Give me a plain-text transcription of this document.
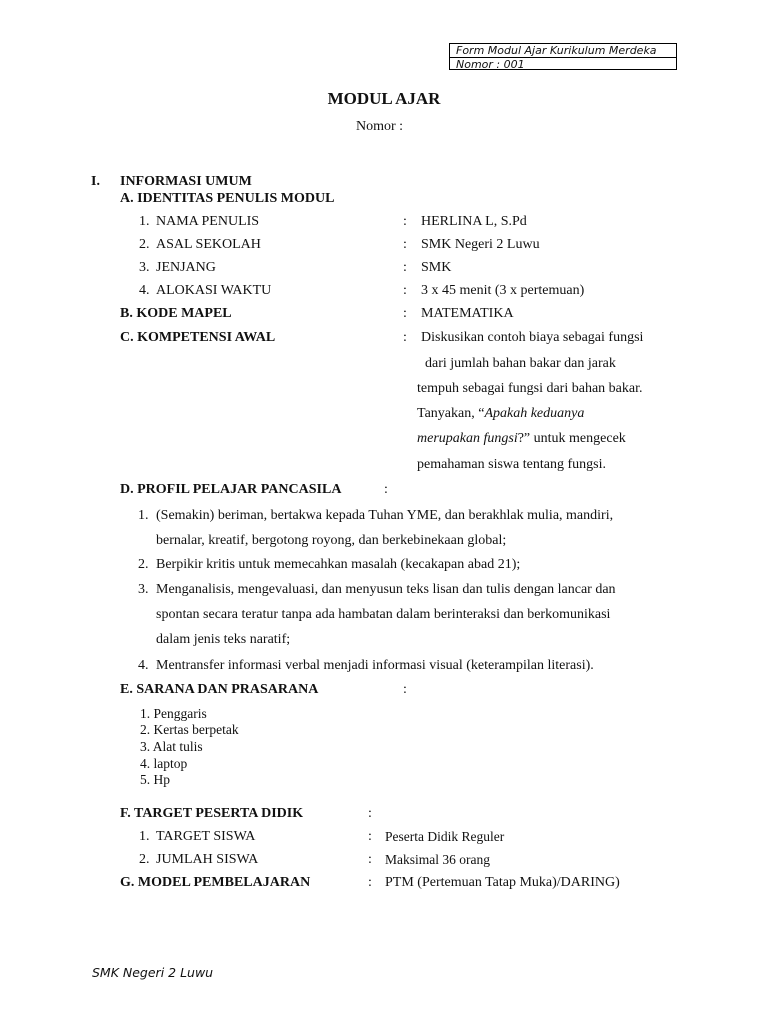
Form Modul Ajar Kurikulum Merdeka
Nomor : 001
MODUL AJAR
Nomor :
I. INFORMASI UMUM
A. IDENTITAS PENULIS MODUL
1. NAMA PENULIS	: HERLINA L, S.Pd
2. ASAL SEKOLAH	: SMK Negeri 2 Luwu
3. JENJANG	: SMK
4. ALOKASI WAKTU	: 3 x 45 menit (3 x pertemuan)
B. KODE MAPEL	: MATEMATIKA
C. KOMPETENSI AWAL	: Diskusikan contoh biaya sebagai fungsi
dari jumlah bahan bakar dan jarak
tempuh sebagai fungsi dari bahan bakar.
Tanyakan, “Apakah keduanya
merupakan fungsi?” untuk mengecek
pemahaman siswa tentang fungsi.
D. PROFIL PELAJAR PANCASILA	:
1. (Semakin) beriman, bertakwa kepada Tuhan YME, dan berakhlak mulia, mandiri,
bernalar, kreatif, bergotong royong, dan berkebinekaan global;
2. Berpikir kritis untuk memecahkan masalah (kecakapan abad 21);
3. Menganalisis, mengevaluasi, dan menyusun teks lisan dan tulis dengan lancar dan
spontan secara teratur tanpa ada hambatan dalam berinteraksi dan berkomunikasi
dalam jenis teks naratif;
4. Mentransfer informasi verbal menjadi informasi visual (keterampilan literasi).
E. SARANA DAN PRASARANA	:
1. Penggaris
2. Kertas berpetak
3. Alat tulis
4. laptop
5. Hp
F. TARGET PESERTA DIDIK	:
1. TARGET SISWA	: Peserta Didik Reguler
2. JUMLAH SISWA	: Maksimal 36 orang
G. MODEL PEMBELAJARAN	: PTM (Pertemuan Tatap Muka)/DARING)
SMK Negeri 2 Luwu
